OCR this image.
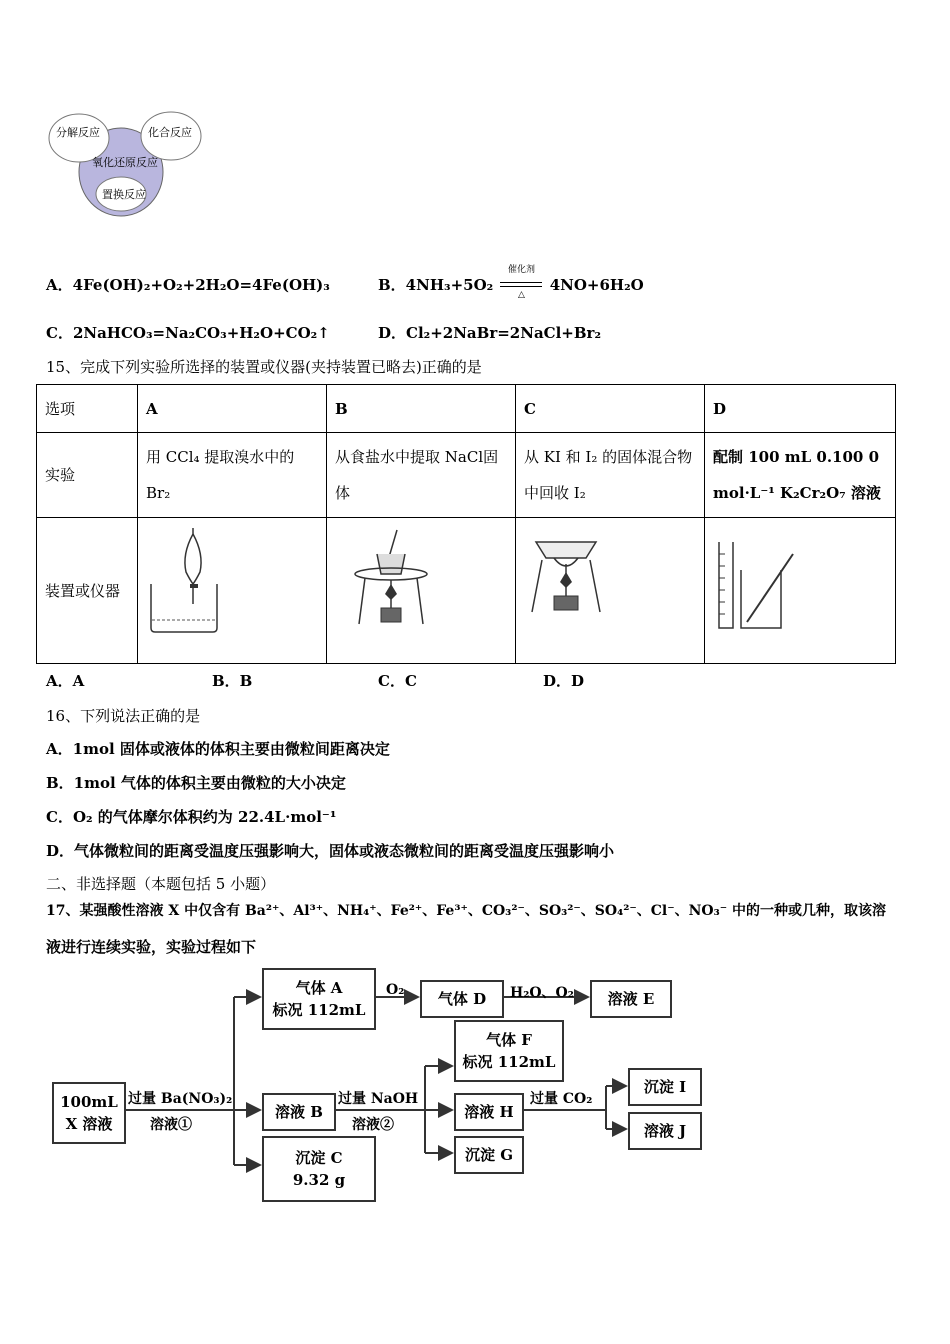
分解反应	化合反应
氧化还原反应
置换反应
A．4Fe(OH)₂+O₂+2H₂O=4Fe(OH)₃	B．4NH₃+5O₂
催化剂
△
4NO+6H₂O
C．2NaHCO₃=Na₂CO₃+H₂O+CO₂↑	D．Cl₂+2NaBr=2NaCl+Br₂
15、完成下列实验所选择的装置或仪器(夹持装置已略去)正确的是
选项	A	B	C	D
实验	用 CCl₄ 提取溴水中的Br₂	从食盐水中提取 NaCl固体	从 KI 和 I₂ 的固体混合物中回收 I₂	配制 100 mL 0.100 0 mol·L⁻¹ K₂Cr₂O₇ 溶液
装置或仪器				
A．A	B．B	C．C	D．D
16、下列说法正确的是
A．1mol 固体或液体的体积主要由微粒间距离决定
B．1mol 气体的体积主要由微粒的大小决定
C．O₂ 的气体摩尔体积约为 22.4L·mol⁻¹
D．气体微粒间的距离受温度压强影响大，固体或液态微粒间的距离受温度压强影响小
二、非选择题（本题包括 5 小题）
17、某强酸性溶液 X 中仅含有 Ba²⁺、Al³⁺、NH₄⁺、Fe²⁺、Fe³⁺、CO₃²⁻、SO₃²⁻、SO₄²⁻、Cl⁻、NO₃⁻ 中的一种或几种，取该溶
液进行连续实验，实验过程如下
100mL
X 溶液
过量 Ba(NO₃)₂
溶液①
气体 A
标况 112mL
O₂	气体 D	H₂O、O₂	溶液 E
溶液 B
过量 NaOH
溶液②
气体 F
标况 112mL
溶液 H
沉淀 G
过量 CO₂
沉淀 I
溶液 J
沉淀 C
9.32 g
